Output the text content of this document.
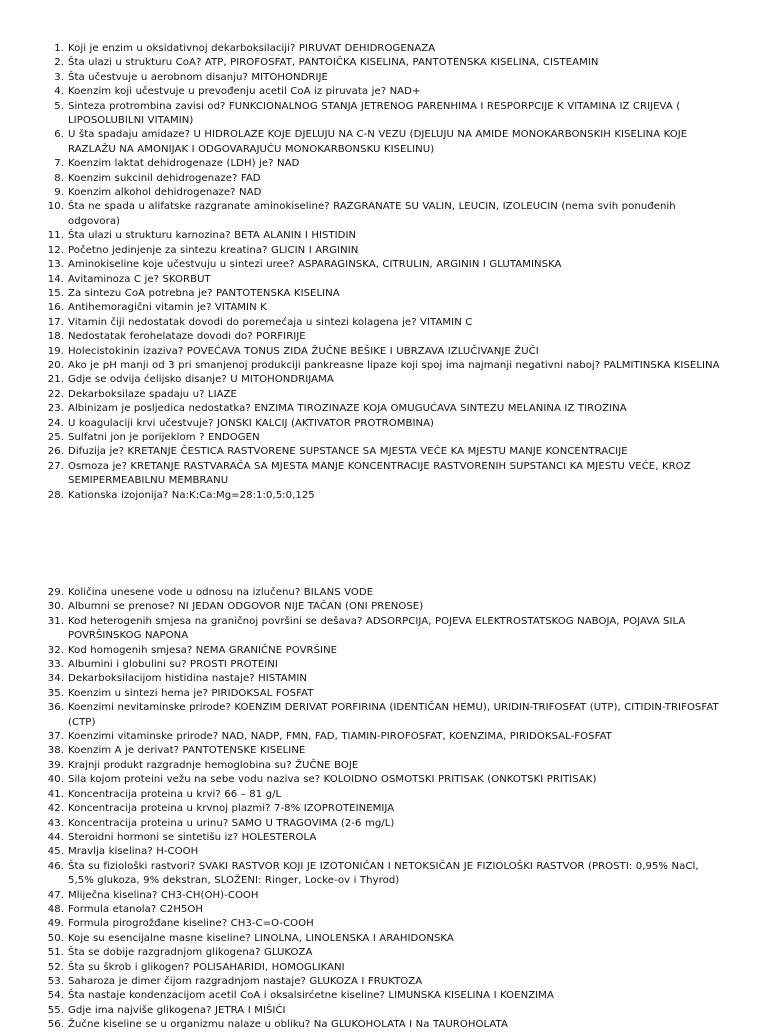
1. Koji je enzim u oksidativnoj dekarboksilaciji? PIRUVAT DEHIDROGENAZA
2. Šta ulazi u strukturu CoA? ATP, PIROFOSFAT, PANTOIČKA KISELINA, PANTOTENSKA KISELINA, CISTEAMIN
3. Šta učestvuje u aerobnom disanju? MITOHONDRIJE
4. Koenzim koji učestvuje u prevođenju acetil CoA iz piruvata je? NAD+
5. Sinteza protrombina zavisi od? FUNKCIONALNOG STANJA JETRENOG PARENHIMA I RESPORPCIJE K VITAMINA IZ CRIJEVA ( LIPOSOLUBILNI VITAMIN)
6. U šta spadaju amidaze? U HIDROLAZE KOJE DJELUJU NA C-N VEZU (DJELUJU NA AMIDE MONOKARBONSKIH KISELINA KOJE RAZLAŽU NA AMONIJAK I ODGOVARAJUĆU MONOKARBONSKU KISELINU)
7. Koenzim laktat dehidrogenaze (LDH) je? NAD
8. Koenzim sukcinil dehidrogenaze? FAD
9. Koenzim alkohol dehidrogenaze? NAD
10. Šta ne spada u alifatske razgranate aminokiseline? RAZGRANATE SU VALIN, LEUCIN, IZOLEUCIN (nema svih ponuđenih odgovora)
11. Šta ulazi u strukturu karnozina? BETA ALANIN I HISTIDIN
12. Početno jedinjenje za sintezu kreatina? GLICIN I ARGININ
13. Aminokiseline koje učestvuju u sintezi uree? ASPARAGINSKA, CITRULIN, ARGININ I GLUTAMINSKA
14. Avitaminoza C je? SKORBUT
15. Za sintezu CoA potrebna je? PANTOTENSKA KISELINA
16. Antihemoragični vitamin je? VITAMIN K
17. Vitamin čiji nedostatak dovodi do poremećaja u sintezi kolagena je? VITAMIN C
18. Nedostatak ferohelataze dovodi do? PORFIRIJE
19. Holecistokinin izaziva? POVEĆAVA TONUS ZIDA ŽUČNE BEŠIKE I UBRZAVA IZLUČIVANJE ŽUČI
20. Ako je pH manji od 3 pri smanjenoj produkciji pankreasne lipaze koji spoj ima najmanji negativni naboj? PALMITINSKA KISELINA
21. Gdje se odvija ćelijsko disanje? U MITOHONDRIJAMA
22. Dekarboksilaze spadaju u? LIAZE
23. Albinizam je posljedica nedostatka? ENZIMA TIROZINAZE KOJA OMUGUĆAVA SINTEZU MELANINA IZ TIROZINA
24. U koagulaciji krvi učestvuje? JONSKI KALCIJ (AKTIVATOR PROTROMBINA)
25. Sulfatni jon je porijeklom ? ENDOGEN
26. Difuzija je? KRETANJE ČESTICA RASTVORENE SUPSTANCE SA MJESTA VEĆE KA MJESTU MANJE KONCENTRACIJE
27. Osmoza je? KRETANJE RASTVARAČA SA MJESTA MANJE KONCENTRACIJE RASTVORENIH SUPSTANCI KA MJESTU VEĆE, KROZ SEMIPERMEABILNU MEMBRANU
28. Kationska izojonija? Na:K:Ca:Mg=28:1:0,5:0,125
29. Količina unesene vode u odnosu na izlučenu? BILANS VODE
30. Albumni se prenose? NI JEDAN ODGOVOR NIJE TAČAN (ONI PRENOSE)
31. Kod heterogenih smjesa na graničnoj površini se dešava? ADSORPCIJA, POJEVA ELEKTROSTATSKOG NABOJA, POJAVA SILA POVRŠINSKOG NAPONA
32. Kod homogenih smjesa? NEMA GRANIČNE POVRŠINE
33. Albumini i globulini su? PROSTI PROTEINI
34. Dekarboksilacijom histidina nastaje? HISTAMIN
35. Koenzim u sintezi hema je? PIRIDOKSAL FOSFAT
36. Koenzimi nevitaminske prirode? KOENZIM DERIVAT PORFIRINA (IDENTIČAN HEMU), URIDIN-TRIFOSFAT (UTP), CITIDIN-TRIFOSFAT (CTP)
37. Koenzimi vitaminske prirode? NAD, NADP, FMN, FAD, TIAMIN-PIROFOSFAT, KOENZIMA, PIRIDOKSAL-FOSFAT
38. Koenzim A je derivat? PANTOTENSKE KISELINE
39. Krajnji produkt razgradnje hemoglobina su? ŽUČNE BOJE
40. Sila kojom proteini vežu na sebe vodu naziva se? KOLOIDNO OSMOTSKI PRITISAK (ONKOTSKI PRITISAK)
41. Koncentracija proteina u krvi? 66 – 81 g/L
42. Koncentracija proteina u krvnoj plazmi? 7-8% IZOPROTEINEMIJA
43. Koncentracija proteina u urinu? SAMO U TRAGOVIMA (2-6 mg/L)
44. Steroidni hormoni se sintetišu iz? HOLESTEROLA
45. Mravlja kiselina? H-COOH
46. Šta su fiziološki rastvori? SVAKI RASTVOR KOJI JE IZOTONIČAN I NETOKSIČAN JE FIZIOLOŠKI RASTVOR (PROSTI: 0,95% NaCl, 5,5% glukoza, 9% dekstran, SLOŽENI: Ringer, Locke-ov i Thyrod)
47. Mliječna kiselina? CH3-CH(OH)-COOH
48. Formula etanola? C2H5OH
49. Formula pirogrožđane kiseline? CH3-C=O-COOH
50. Koje su esencijalne masne kiseline? LINOLNA, LINOLENSKA I ARAHIDONSKA
51. Šta se dobije razgradnjom glikogena? GLUKOZA
52. Šta su škrob i glikogen? POLISAHARIDI, HOMOGLIKANI
53. Saharoza je dimer čijom razgradnjom nastaje? GLUKOZA I FRUKTOZA
54. Šta nastaje kondenzacijom acetil CoA i oksalsirćetne kiseline? LIMUNSKA KISELINA I KOENZIMA
55. Gdje ima najviše glikogena? JETRA I MIŠIĆI
56. Žučne kiseline se u organizmu nalaze u obliku? Na GLUKOHOLATA I Na TAUROHOLATA
